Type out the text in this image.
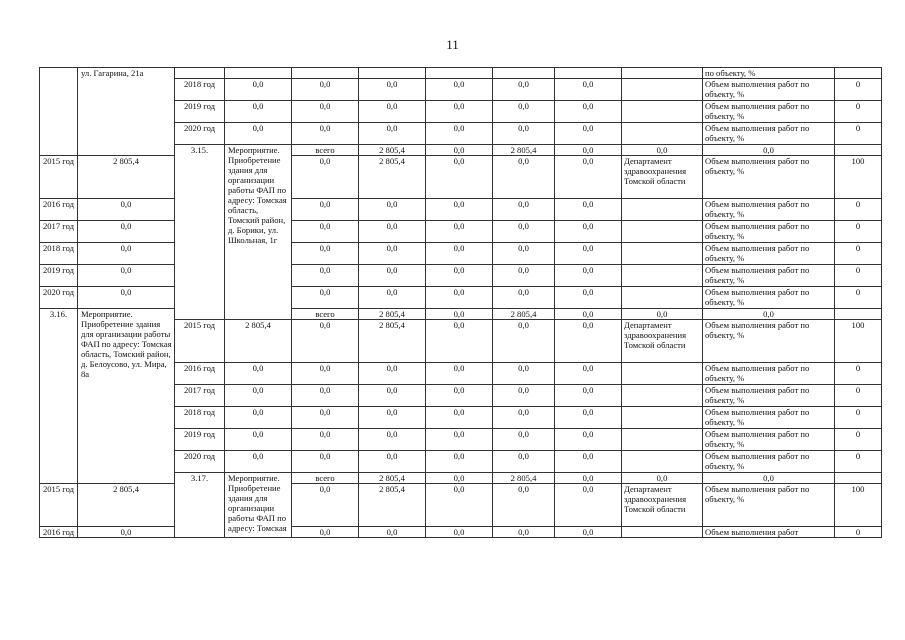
11
	ул. Гагарина, 21а									по объекту, %		
		2018 год	0,0	0,0	0,0	0,0	0,0	0,0		Объем выполнения работ по объекту, %	0	
		2019 год	0,0	0,0	0,0	0,0	0,0	0,0		Объем выполнения работ по объекту, %	0	
		2020 год	0,0	0,0	0,0	0,0	0,0	0,0		Объем выполнения работ по объекту, %	0	
		3.15.	Мероприятие. Приобретение здания для организации работы ФАП по адресу: Томская область, Томский район, д. Борики, ул. Школьная, 1г	всего	2 805,4	0,0	2 805,4	0,0	0,0	0,0			
2015 год	2 805,4			0,0	2 805,4	0,0	0,0	0,0	Департамент здравоохранения Томской области	Объем выполнения работ по объекту, %	100	
2016 год	0,0			0,0	0,0	0,0	0,0	0,0		Объем выполнения работ по объекту, %	0	
2017 год	0,0			0,0	0,0	0,0	0,0	0,0		Объем выполнения работ по объекту, %	0	
2018 год	0,0			0,0	0,0	0,0	0,0	0,0		Объем выполнения работ по объекту, %	0	
2019 год	0,0			0,0	0,0	0,0	0,0	0,0		Объем выполнения работ по объекту, %	0	
2020 год	0,0			0,0	0,0	0,0	0,0	0,0		Объем выполнения работ по объекту, %	0	
3.16.	Мероприятие. Приобретение здания для организации работы ФАП по адресу: Томская область, Томский район, д. Белоусово, ул. Мира, 8а			всего	2 805,4	0,0	2 805,4	0,0	0,0	0,0			
		2015 год	2 805,4	0,0	2 805,4	0,0	0,0	0,0	Департамент здравоохранения Томской области	Объем выполнения работ по объекту, %	100	
		2016 год	0,0	0,0	0,0	0,0	0,0	0,0		Объем выполнения работ по объекту, %	0	
		2017 год	0,0	0,0	0,0	0,0	0,0	0,0		Объем выполнения работ по объекту, %	0	
		2018 год	0,0	0,0	0,0	0,0	0,0	0,0		Объем выполнения работ по объекту, %	0	
		2019 год	0,0	0,0	0,0	0,0	0,0	0,0		Объем выполнения работ по объекту, %	0	
		2020 год	0,0	0,0	0,0	0,0	0,0	0,0		Объем выполнения работ по объекту, %	0	
		3.17.	Мероприятие. Приобретение здания для организации работы ФАП по адресу: Томская	всего	2 805,4	0,0	2 805,4	0,0	0,0	0,0			
2015 год	2 805,4			0,0	2 805,4	0,0	0,0	0,0	Департамент здравоохранения Томской области	Объем выполнения работ по объекту, %	100	
2016 год	0,0			0,0	0,0	0,0	0,0	0,0		Объем выполнения работ	0	
